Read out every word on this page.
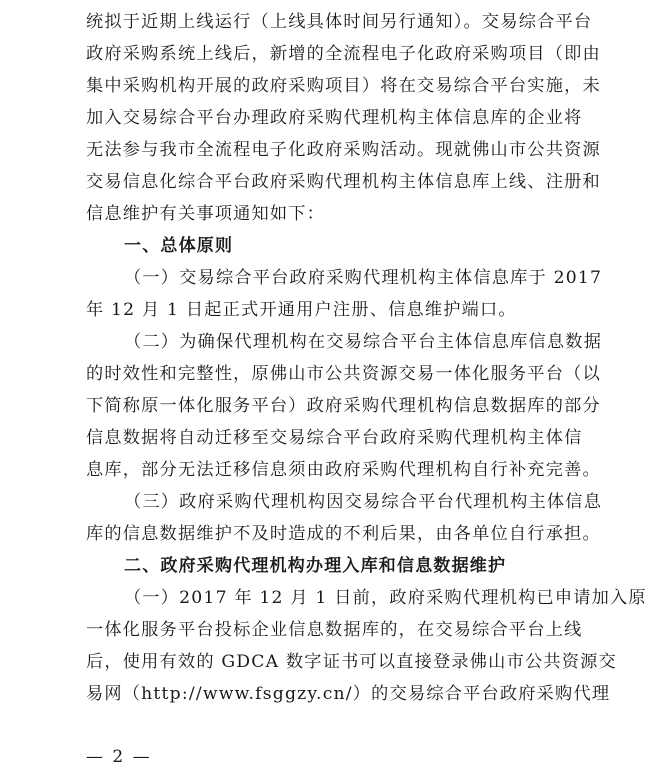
统拟于近期上线运行（上线具体时间另行通知）。交易综合平台
政府采购系统上线后，新增的全流程电子化政府采购项目（即由
集中采购机构开展的政府采购项目）将在交易综合平台实施，未
加入交易综合平台办理政府采购代理机构主体信息库的企业将
无法参与我市全流程电子化政府采购活动。现就佛山市公共资源
交易信息化综合平台政府采购代理机构主体信息库上线、注册和
信息维护有关事项通知如下：
一、总体原则
（一）交易综合平台政府采购代理机构主体信息库于 2017
年 12 月 1 日起正式开通用户注册、信息维护端口。
（二）为确保代理机构在交易综合平台主体信息库信息数据
的时效性和完整性，原佛山市公共资源交易一体化服务平台（以
下简称原一体化服务平台）政府采购代理机构信息数据库的部分
信息数据将自动迁移至交易综合平台政府采购代理机构主体信
息库，部分无法迁移信息须由政府采购代理机构自行补充完善。
（三）政府采购代理机构因交易综合平台代理机构主体信息
库的信息数据维护不及时造成的不利后果，由各单位自行承担。
二、政府采购代理机构办理入库和信息数据维护
（一）2017 年 12 月 1 日前，政府采购代理机构已申请加入原
一体化服务平台投标企业信息数据库的，在交易综合平台上线
后，使用有效的 GDCA 数字证书可以直接登录佛山市公共资源交
易网（http://www.fsggzy.cn/）的交易综合平台政府采购代理
— 2 —
